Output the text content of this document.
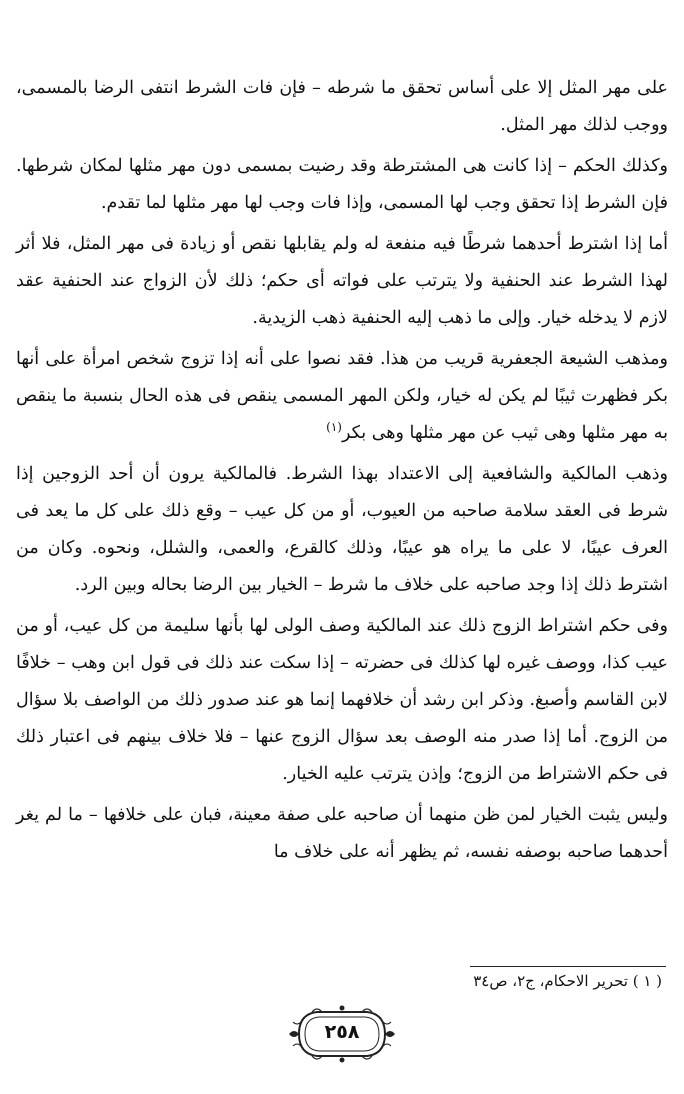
على مهر المثل إلا على أساس تحقق ما شرطه – فإن فات الشرط انتفى الرضا بالمسمى، ووجب لذلك مهر المثل.

وكذلك الحكم – إذا كانت هى المشترطة وقد رضيت بمسمى دون مهر مثلها لمكان شرطها. فإن الشرط إذا تحقق وجب لها المسمى، وإذا فات وجب لها مهر مثلها لما تقدم.

أما إذا اشترط أحدهما شرطًا فيه منفعة له ولم يقابلها نقص أو زيادة فى مهر المثل، فلا أثر لهذا الشرط عند الحنفية ولا يترتب على فواته أى حكم؛ ذلك لأن الزواج عند الحنفية عقد لازم لا يدخله خيار. وإلى ما ذهب إليه الحنفية ذهب الزيدية.

ومذهب الشيعة الجعفرية قريب من هذا. فقد نصوا على أنه إذا تزوج شخص امرأة على أنها بكر فظهرت ثيبًا لم يكن له خيار، ولكن المهر المسمى ينقص فى هذه الحال بنسبة ما ينقص به مهر مثلها وهى ثيب عن مهر مثلها وهى بكر$^{(١)}$

وذهب المالكية والشافعية إلى الاعتداد بهذا الشرط. فالمالكية يرون أن أحد الزوجين إذا شرط فى العقد سلامة صاحبه من العيوب، أو من كل عيب – وقع ذلك على كل ما يعد فى العرف عيبًا، لا على ما يراه هو عيبًا، وذلك كالقرع، والعمى، والشلل، ونحوه. وكان من اشترط ذلك إذا وجد صاحبه على خلاف ما شرط – الخيار بين الرضا بحاله وبين الرد.

وفى حكم اشتراط الزوج ذلك عند المالكية وصف الولى لها بأنها سليمة من كل عيب، أو من عيب كذا، ووصف غيره لها كذلك فى حضرته – إذا سكت عند ذلك فى قول ابن وهب – خلافًا لابن القاسم وأصبغ. وذكر ابن رشد أن خلافهما إنما هو عند صدور ذلك من الواصف بلا سؤال من الزوج. أما إذا صدر منه الوصف بعد سؤال الزوج عنها – فلا خلاف بينهم فى اعتبار ذلك فى حكم الاشتراط من الزوج؛ وإذن يترتب عليه الخيار.

وليس يثبت الخيار لمن ظن منهما أن صاحبه على صفة معينة، فبان على خلافها – ما لم يغر أحدهما صاحبه بوصفه نفسه، ثم يظهر أنه على خلاف ما

( ١ ) تحرير الاحكام، ج٢، ص٣٤
٢٥٨
